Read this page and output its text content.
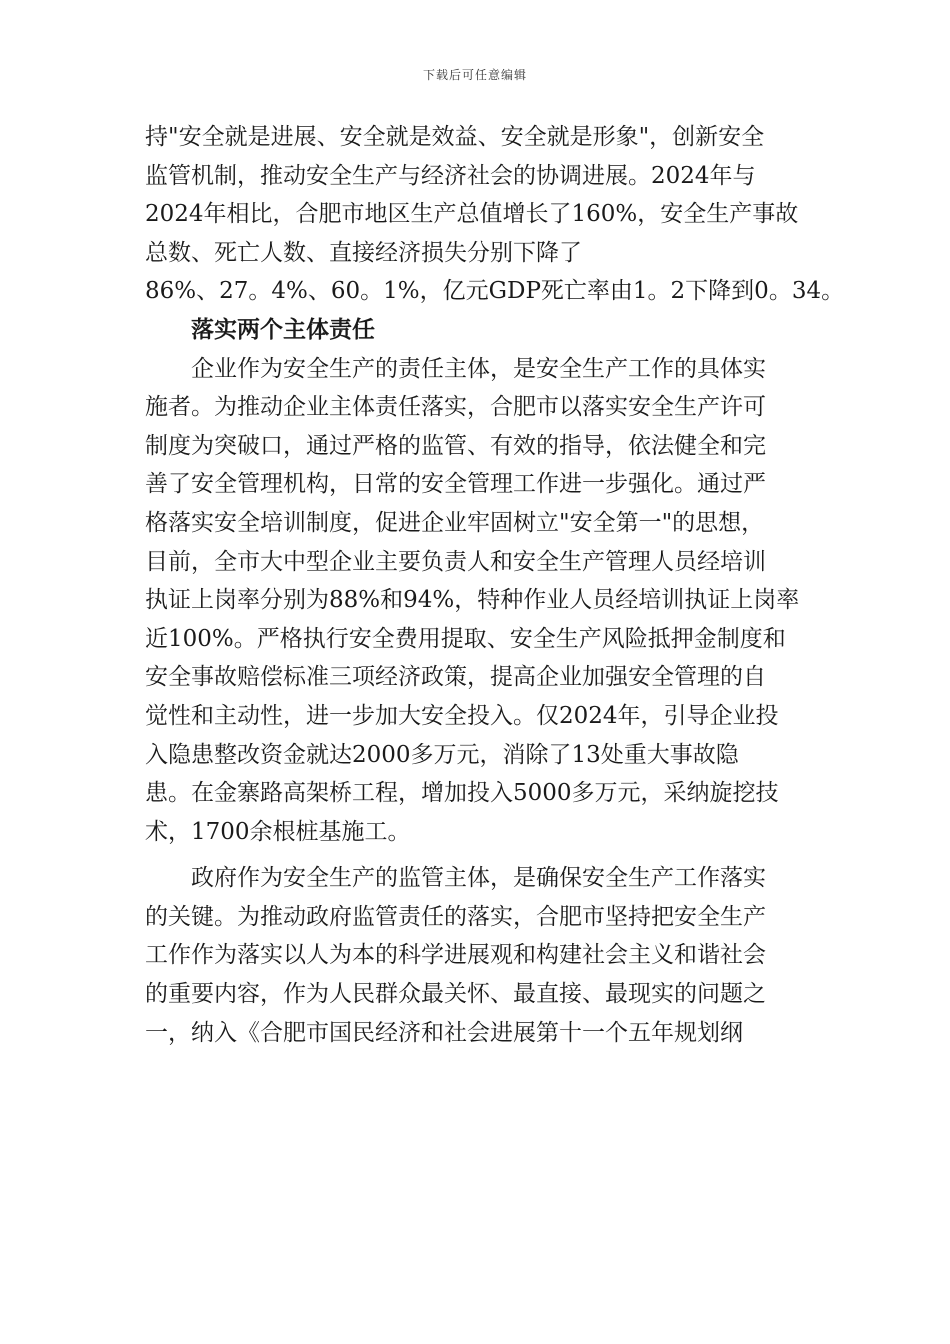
下载后可任意编辑
持"安全就是进展、安全就是效益、安全就是形象"，创新安全
监管机制，推动安全生产与经济社会的协调进展。2024年与
2024年相比，合肥市地区生产总值增长了160%，安全生产事故
总数、死亡人数、直接经济损失分别下降了
86%、27。4%、60。1%，亿元GDP死亡率由1。2下降到0。34。
落实两个主体责任
企业作为安全生产的责任主体，是安全生产工作的具体实
施者。为推动企业主体责任落实，合肥市以落实安全生产许可
制度为突破口，通过严格的监管、有效的指导，依法健全和完
善了安全管理机构，日常的安全管理工作进一步强化。通过严
格落实安全培训制度，促进企业牢固树立"安全第一"的思想，
目前，全市大中型企业主要负责人和安全生产管理人员经培训
执证上岗率分别为88%和94%，特种作业人员经培训执证上岗率
近100%。严格执行安全费用提取、安全生产风险抵押金制度和
安全事故赔偿标准三项经济政策，提高企业加强安全管理的自
觉性和主动性，进一步加大安全投入。仅2024年，引导企业投
入隐患整改资金就达2000多万元，消除了13处重大事故隐
患。在金寨路高架桥工程，增加投入5000多万元，采纳旋挖技
术，1700余根桩基施工。
政府作为安全生产的监管主体，是确保安全生产工作落实
的关键。为推动政府监管责任的落实，合肥市坚持把安全生产
工作作为落实以人为本的科学进展观和构建社会主义和谐社会
的重要内容，作为人民群众最关怀、最直接、最现实的问题之
一，纳入《合肥市国民经济和社会进展第十一个五年规划纲
